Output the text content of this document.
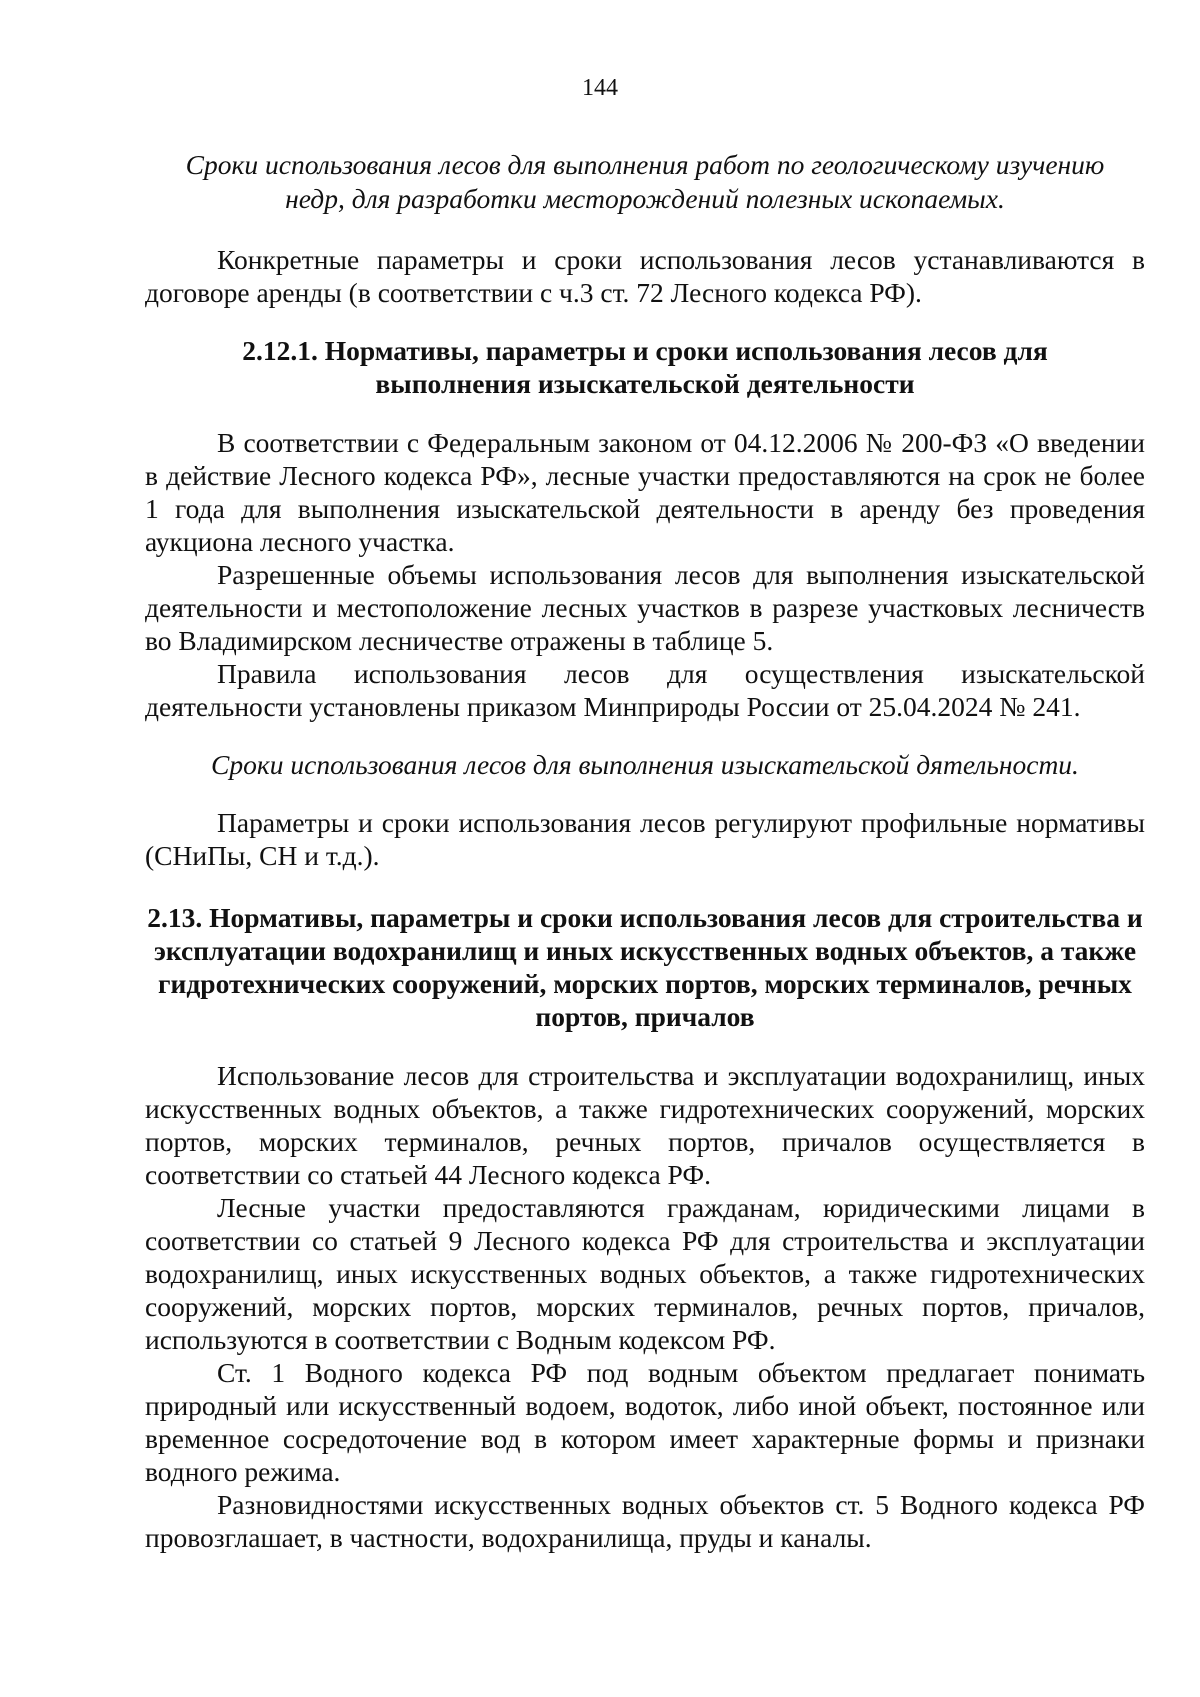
144

Сроки использования лесов для выполнения работ по геологическому изучению недр, для разработки месторождений полезных ископаемых.

Конкретные параметры и сроки использования лесов устанавливаются в договоре аренды (в соответствии с ч.3 ст. 72 Лесного кодекса РФ).

2.12.1. Нормативы, параметры и сроки использования лесов для выполнения изыскательской деятельности

В соответствии с Федеральным законом от 04.12.2006 № 200-ФЗ «О введении в действие Лесного кодекса РФ», лесные участки предоставляются на срок не более 1 года для выполнения изыскательской деятельности в аренду без проведения аукциона лесного участка.

Разрешенные объемы использования лесов для выполнения изыскательской деятельности и местоположение лесных участков в разрезе участковых лесничеств во Владимирском лесничестве отражены в таблице 5.

Правила использования лесов для осуществления изыскательской деятельности установлены приказом Минприроды России от 25.04.2024 № 241.

Сроки использования лесов для выполнения изыскательской дятельности.

Параметры и сроки использования лесов регулируют профильные нормативы (СНиПы, СН и т.д.).

2.13. Нормативы, параметры и сроки использования лесов для строительства и эксплуатации водохранилищ и иных искусственных водных объектов, а также гидротехнических сооружений, морских портов, морских терминалов, речных портов, причалов

Использование лесов для строительства и эксплуатации водохранилищ, иных искусственных водных объектов, а также гидротехнических сооружений, морских портов, морских терминалов, речных портов, причалов осуществляется в соответствии со статьей 44 Лесного кодекса РФ.

Лесные участки предоставляются гражданам, юридическими лицами в соответствии со статьей 9 Лесного кодекса РФ для строительства и эксплуатации водохранилищ, иных искусственных водных объектов, а также гидротехнических сооружений, морских портов, морских терминалов, речных портов, причалов, используются в соответствии с Водным кодексом РФ.

Ст. 1 Водного кодекса РФ под водным объектом предлагает понимать природный или искусственный водоем, водоток, либо иной объект, постоянное или временное сосредоточение вод в котором имеет характерные формы и признаки водного режима.

Разновидностями искусственных водных объектов ст. 5 Водного кодекса РФ провозглашает, в частности, водохранилища, пруды и каналы.
